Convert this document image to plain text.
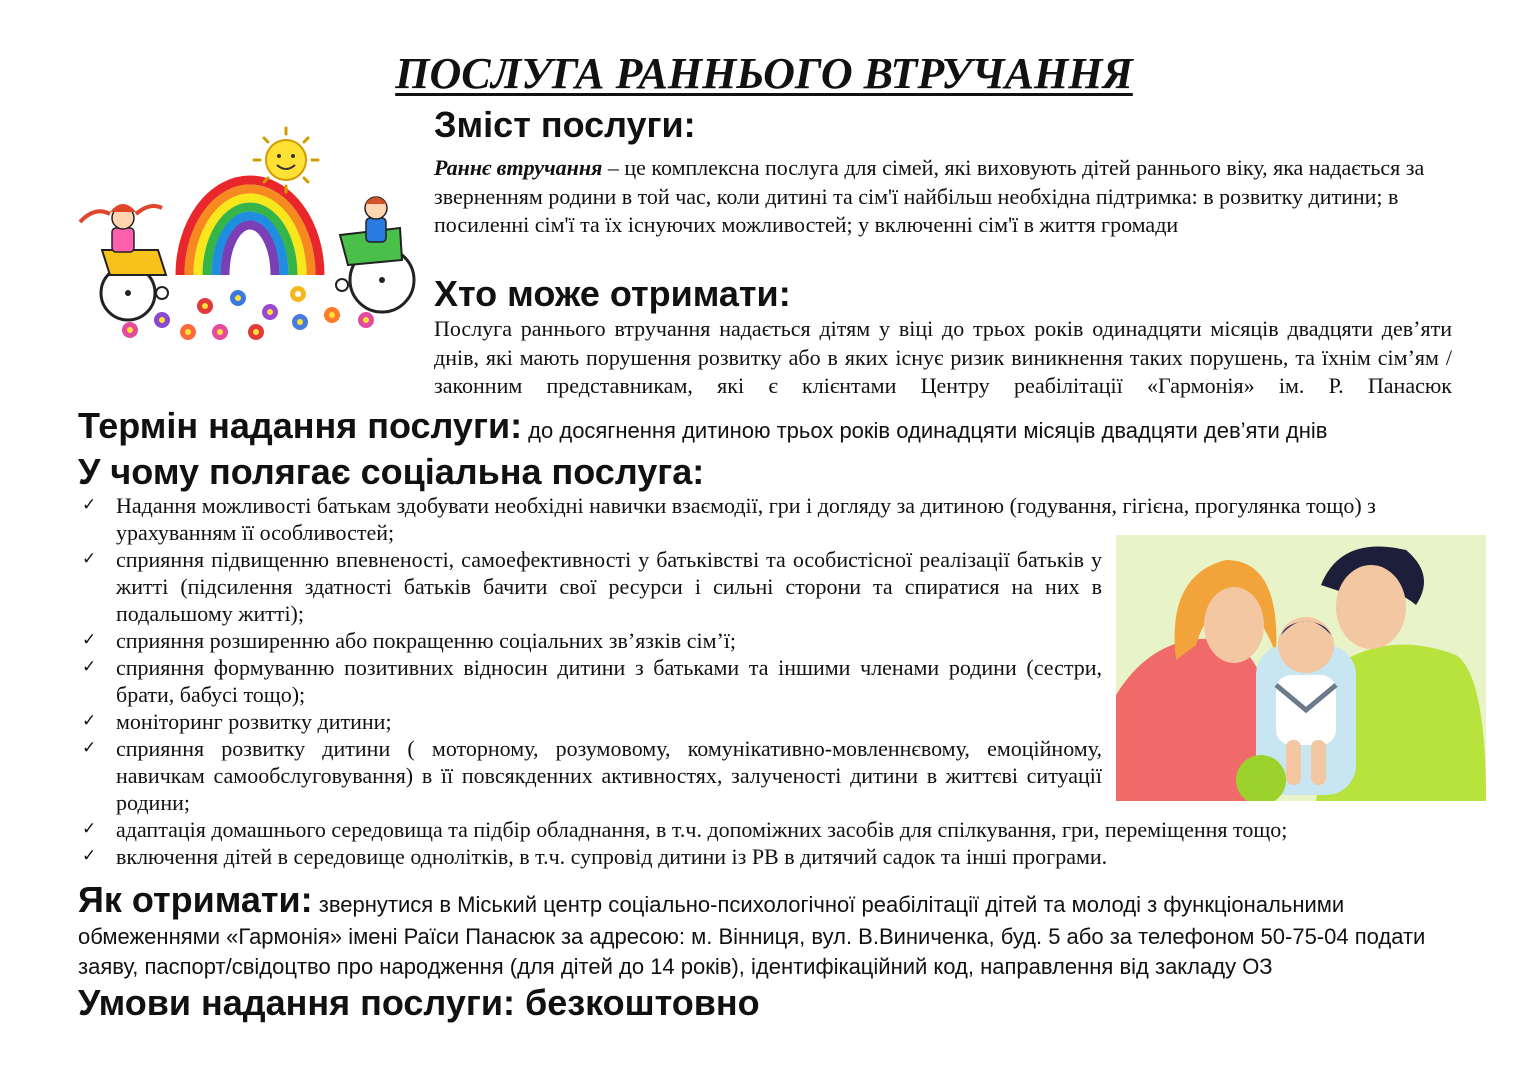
ПОСЛУГА РАННЬОГО ВТРУЧАННЯ
Зміст послуги:
Раннє втручання – це комплексна послуга для сімей, які виховують дітей раннього віку, яка надається за зверненням родини в той час, коли дитині та сім'ї найбільш необхідна підтримка: в розвитку дитини; в посиленні сім'ї та їх існуючих можливостей; у включенні сім'ї в життя громади
Хто може отримати:
Послуга раннього втручання надається дітям у віці до трьох років одинадцяти місяців двадцяти дев’яти днів, які мають порушення розвитку або в яких існує ризик виникнення таких порушень, та їхнім сім’ям / законним представникам, які є клієнтами Центру реабілітації «Гармонія» ім. Р. Панасюк
Термін надання послуги: до досягнення дитиною трьох років одинадцяти місяців двадцяти дев’яти днів
У чому полягає соціальна послуга:
✓ Надання можливості батькам здобувати необхідні навички взаємодії, гри і догляду за дитиною (годування, гігієна, прогулянка тощо) з урахуванням її особливостей;
✓ сприяння підвищенню впевненості, самоефективності у батьківстві та особистісної реалізації батьків у житті (підсилення здатності батьків бачити свої ресурси і сильні сторони та спиратися на них в подальшому житті);
✓ сприяння розширенню або покращенню соціальних зв’язків сім’ї;
✓ сприяння формуванню позитивних відносин дитини з батьками та іншими членами родини (сестри, брати, бабусі тощо);
✓ моніторинг розвитку дитини;
✓ сприяння розвитку дитини ( моторному, розумовому, комунікативно-мовленнєвому, емоційному, навичкам самообслуговування) в її повсякденних активностях, залученості дитини в життєві ситуації родини;
✓ адаптація домашнього середовища та підбір обладнання, в т.ч. допоміжних засобів для спілкування, гри, переміщення тощо;
✓ включення дітей в середовище однолітків, в т.ч. супровід дитини із РВ в дитячий садок та інші програми.
Як отримати: звернутися в Міський центр соціально-психологічної реабілітації дітей та молоді з функціональними обмеженнями «Гармонія» імені Раїси Панасюк за адресою: м. Вінниця, вул. В.Виниченка, буд. 5 або за телефоном 50-75-04 подати заяву, паспорт/свідоцтво про народження (для дітей до 14 років), ідентифікаційний код, направлення від закладу ОЗ
Умови надання послуги: безкоштовно
